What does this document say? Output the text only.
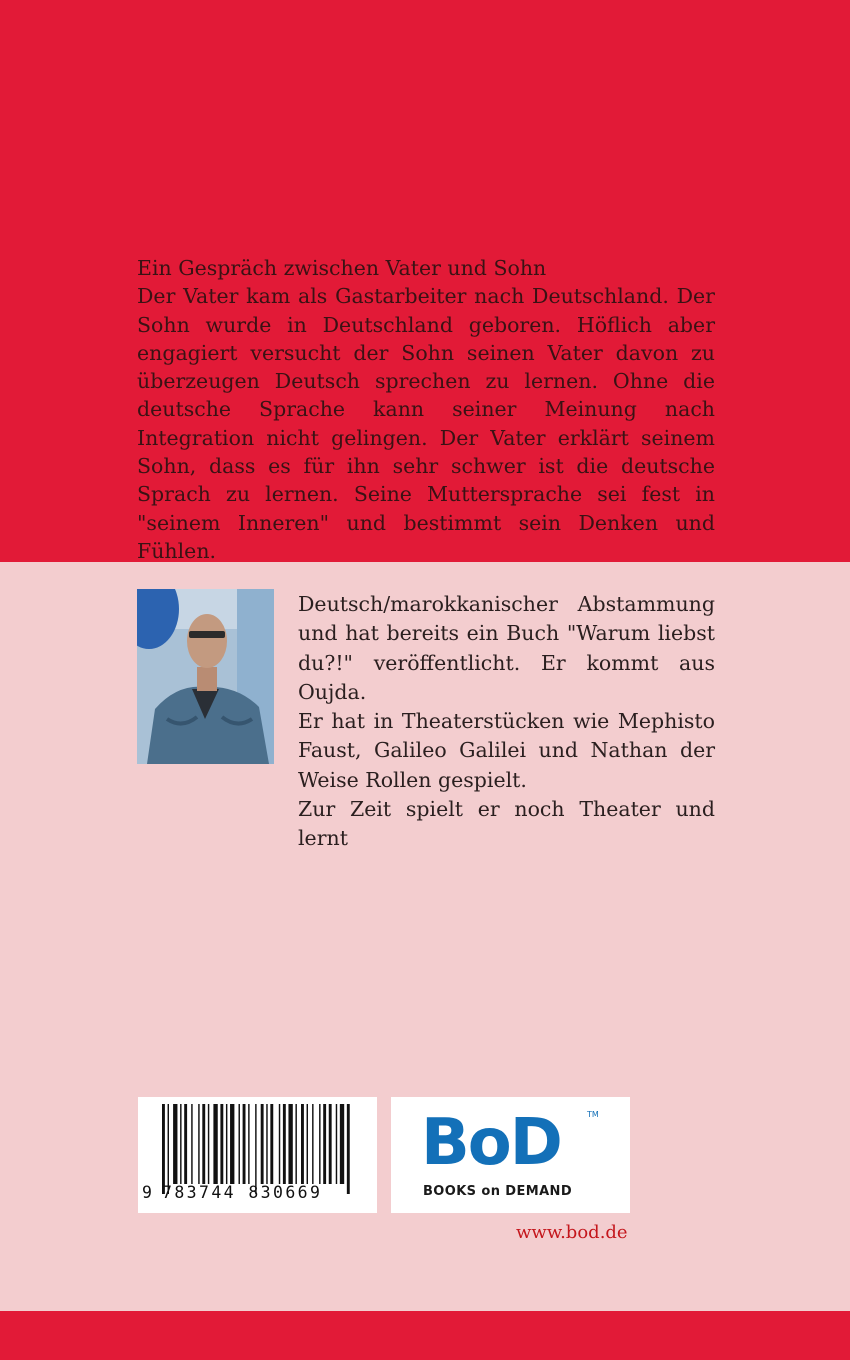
Ein Gespräch zwischen Vater und Sohn

Der Vater kam als Gastarbeiter nach Deutschland. Der Sohn wurde in Deutschland geboren. Höflich aber engagiert versucht der Sohn seinen Vater davon zu überzeugen Deutsch sprechen zu lernen. Ohne die deutsche Sprache kann seiner Meinung nach Integration nicht gelingen. Der Vater erklärt seinem Sohn, dass es für ihn sehr schwer ist die deutsche Sprach zu lernen. Seine Muttersprache sei fest in "seinem Inneren" und bestimmt sein Denken und Fühlen.

Deutsch/marokkanischer Abstammung und hat bereits ein Buch "Warum liebst du?!" veröffentlicht. Er kommt aus Oujda.

Er hat in Theaterstücken wie Mephisto Faust, Galileo Galilei und Nathan der Weise Rollen gespielt.

Zur Zeit spielt er noch Theater und lernt

9

783744 830669

BoD	TM
BOOKS on DEMAND
www.bod.de
